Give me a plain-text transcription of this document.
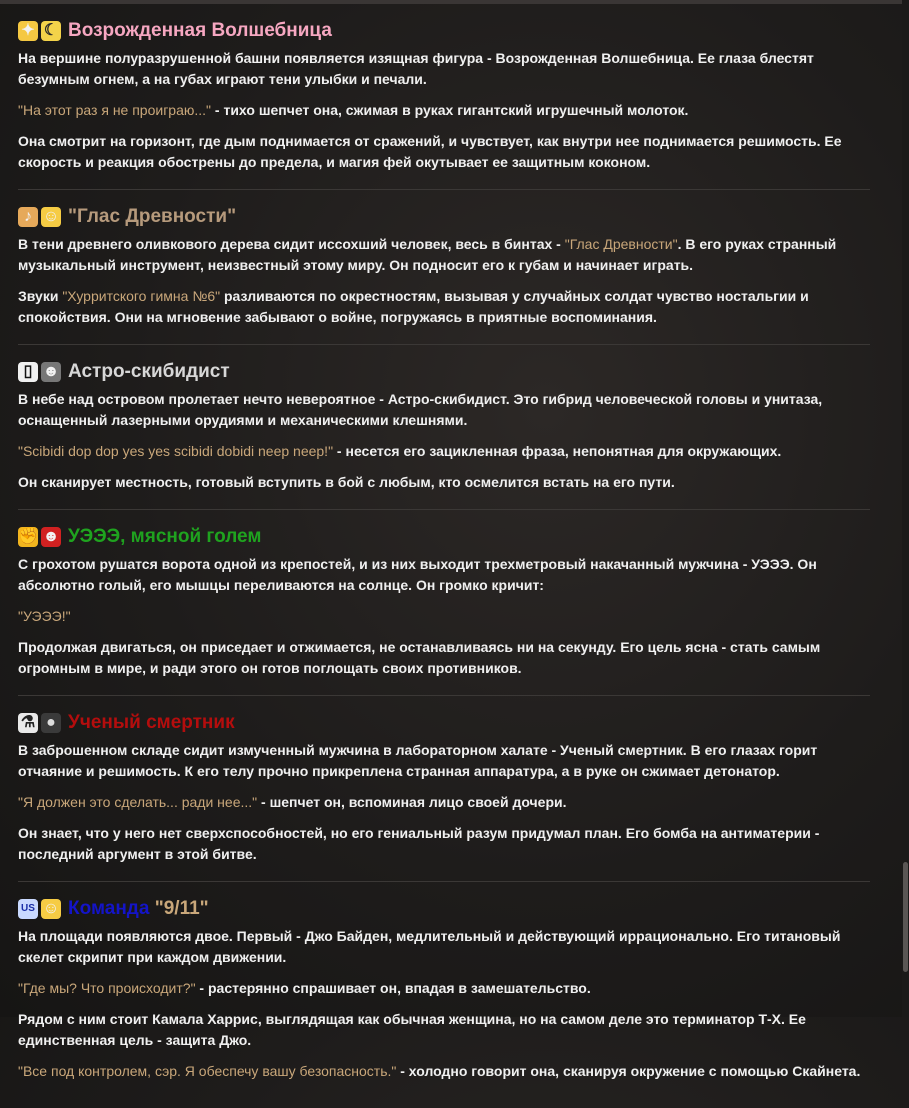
✦ ☾ Возрожденная Волшебница

На вершине полуразрушенной башни появляется изящная фигура - Возрожденная Волшебница. Ее глаза блестят безумным огнем, а на губах играют тени улыбки и печали.

"На этот раз я не проиграю..." - тихо шепчет она, сжимая в руках гигантский игрушечный молоток.

Она смотрит на горизонт, где дым поднимается от сражений, и чувствует, как внутри нее поднимается решимость. Ее скорость и реакция обострены до предела, и магия фей окутывает ее защитным коконом.

♪ ☺ "Глас Древности"

В тени древнего оливкового дерева сидит иссохший человек, весь в бинтах - "Глас Древности". В его руках странный музыкальный инструмент, неизвестный этому миру. Он подносит его к губам и начинает играть.

Звуки "Хурритского гимна №6" разливаются по окрестностям, вызывая у случайных солдат чувство ностальгии и спокойствия. Они на мгновение забывают о войне, погружаясь в приятные воспоминания.

▯ ☻ Астро-скибидист

В небе над островом пролетает нечто невероятное - Астро-скибидист. Это гибрид человеческой головы и унитаза, оснащенный лазерными орудиями и механическими клешнями.

"Scibidi dop dop yes yes scibidi dobidi neep neep!" - несется его зацикленная фраза, непонятная для окружающих.

Он сканирует местность, готовый вступить в бой с любым, кто осмелится встать на его пути.

✊ ☻ УЭЭЭ, мясной голем

С грохотом рушатся ворота одной из крепостей, и из них выходит трехметровый накачанный мужчина - УЭЭЭ. Он абсолютно голый, его мышцы переливаются на солнце. Он громко кричит:

"УЭЭЭ!"

Продолжая двигаться, он приседает и отжимается, не останавливаясь ни на секунду. Его цель ясна - стать самым огромным в мире, и ради этого он готов поглощать своих противников.

⚗ ● Ученый смертник

В заброшенном складе сидит измученный мужчина в лабораторном халате - Ученый смертник. В его глазах горит отчаяние и решимость. К его телу прочно прикреплена странная аппаратура, а в руке он сжимает детонатор.

"Я должен это сделать... ради нее..." - шепчет он, вспоминая лицо своей дочери.

Он знает, что у него нет сверхспособностей, но его гениальный разум придумал план. Его бомба на антиматерии - последний аргумент в этой битве.

US ☺ Команда "9/11"

На площади появляются двое. Первый - Джо Байден, медлительный и действующий иррационально. Его титановый скелет скрипит при каждом движении.

"Где мы? Что происходит?" - растерянно спрашивает он, впадая в замешательство.

Рядом с ним стоит Камала Харрис, выглядящая как обычная женщина, но на самом деле это терминатор Т-Х. Ее единственная цель - защита Джо.

"Все под контролем, сэр. Я обеспечу вашу безопасность." - холодно говорит она, сканируя окружение с помощью Скайнета.
